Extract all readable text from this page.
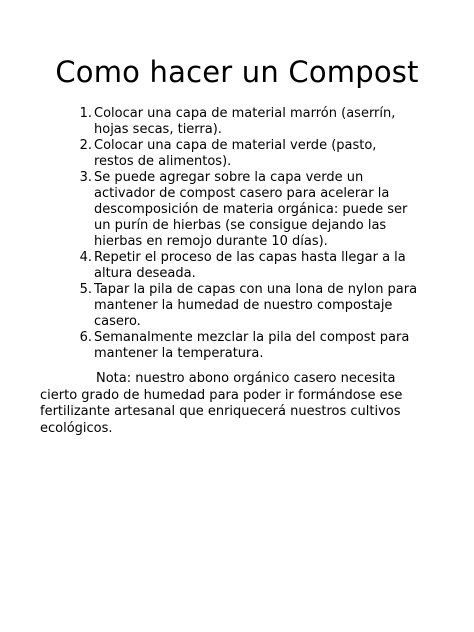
Como hacer un Compost
1. Colocar una capa de material marrón (aserrín, hojas secas, tierra).
2. Colocar una capa de material verde (pasto, restos de alimentos).
3. Se puede agregar sobre la capa verde un activador de compost casero para acelerar la descomposición de materia orgánica: puede ser un purín de hierbas (se consigue dejando las hierbas en remojo durante 10 días).
4. Repetir el proceso de las capas hasta llegar a la altura deseada.
5. Tapar la pila de capas con una lona de nylon para mantener la humedad de nuestro compostaje casero.
6. Semanalmente mezclar la pila del compost para mantener la temperatura.

Nota: nuestro abono orgánico casero necesita cierto grado de humedad para poder ir formándose ese fertilizante artesanal que enriquecerá nuestros cultivos ecológicos.
